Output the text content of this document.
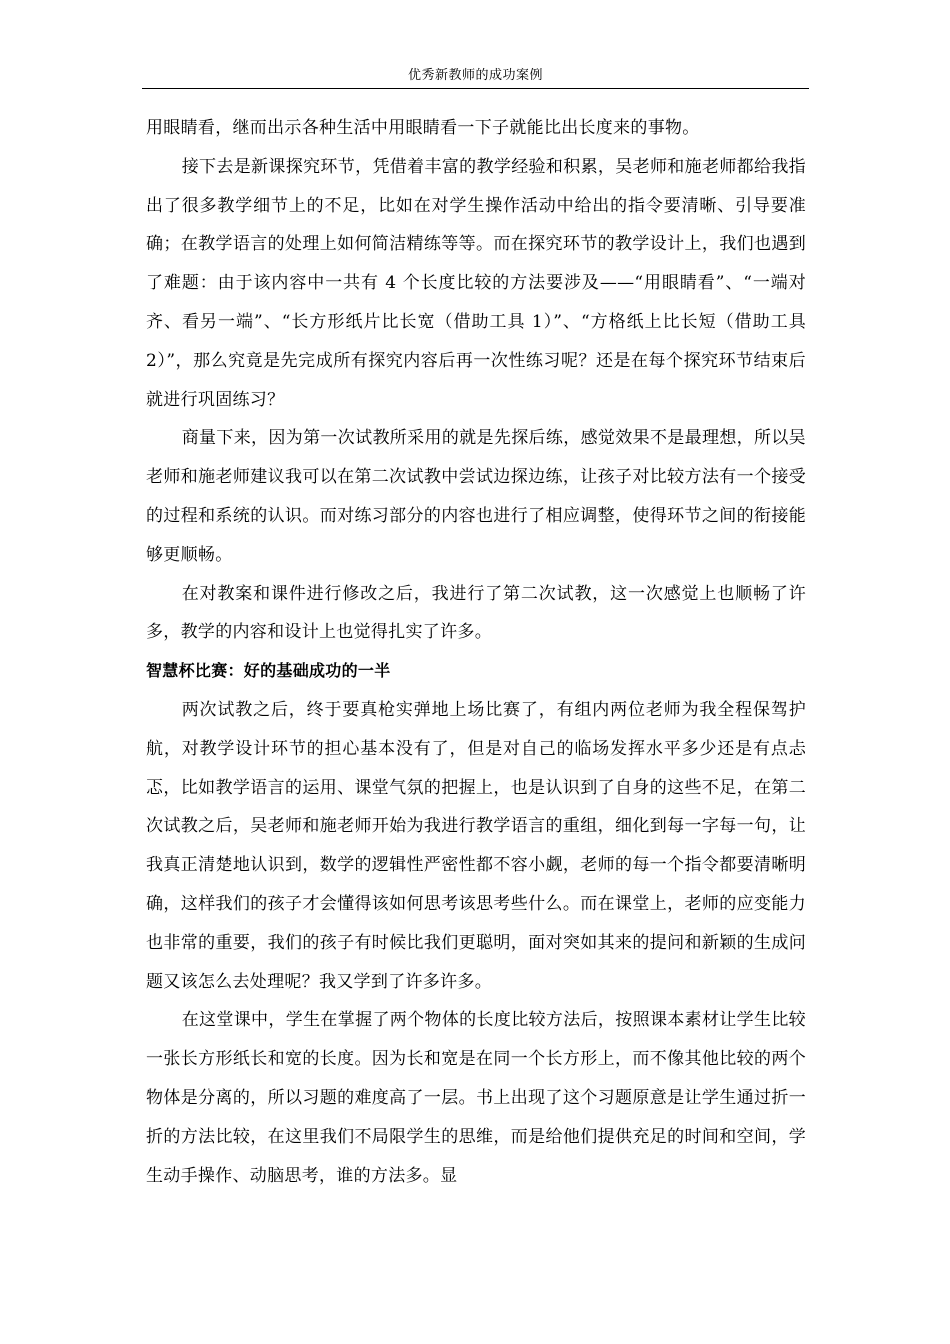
优秀新教师的成功案例

用眼睛看，继而出示各种生活中用眼睛看一下子就能比出长度来的事物。

接下去是新课探究环节，凭借着丰富的教学经验和积累，吴老师和施老师都给我指出了很多教学细节上的不足，比如在对学生操作活动中给出的指令要清晰、引导要准确；在教学语言的处理上如何简洁精练等等。而在探究环节的教学设计上，我们也遇到了难题：由于该内容中一共有 4 个长度比较的方法要涉及——“用眼睛看”、“一端对齐、看另一端”、“长方形纸片比长宽（借助工具 1）”、“方格纸上比长短（借助工具 2）”，那么究竟是先完成所有探究内容后再一次性练习呢？还是在每个探究环节结束后就进行巩固练习？

商量下来，因为第一次试教所采用的就是先探后练，感觉效果不是最理想，所以吴老师和施老师建议我可以在第二次试教中尝试边探边练，让孩子对比较方法有一个接受的过程和系统的认识。而对练习部分的内容也进行了相应调整，使得环节之间的衔接能够更顺畅。

在对教案和课件进行修改之后，我进行了第二次试教，这一次感觉上也顺畅了许多，教学的内容和设计上也觉得扎实了许多。

智慧杯比赛：好的基础成功的一半

两次试教之后，终于要真枪实弹地上场比赛了，有组内两位老师为我全程保驾护航，对教学设计环节的担心基本没有了，但是对自己的临场发挥水平多少还是有点忐忑，比如教学语言的运用、课堂气氛的把握上，也是认识到了自身的这些不足，在第二次试教之后，吴老师和施老师开始为我进行教学语言的重组，细化到每一字每一句，让我真正清楚地认识到，数学的逻辑性严密性都不容小觑，老师的每一个指令都要清晰明确，这样我们的孩子才会懂得该如何思考该思考些什么。而在课堂上，老师的应变能力也非常的重要，我们的孩子有时候比我们更聪明，面对突如其来的提问和新颖的生成问题又该怎么去处理呢？我又学到了许多许多。

在这堂课中，学生在掌握了两个物体的长度比较方法后，按照课本素材让学生比较一张长方形纸长和宽的长度。因为长和宽是在同一个长方形上，而不像其他比较的两个物体是分离的，所以习题的难度高了一层。书上出现了这个习题原意是让学生通过折一折的方法比较，在这里我们不局限学生的思维，而是给他们提供充足的时间和空间，学生动手操作、动脑思考，谁的方法多。显
